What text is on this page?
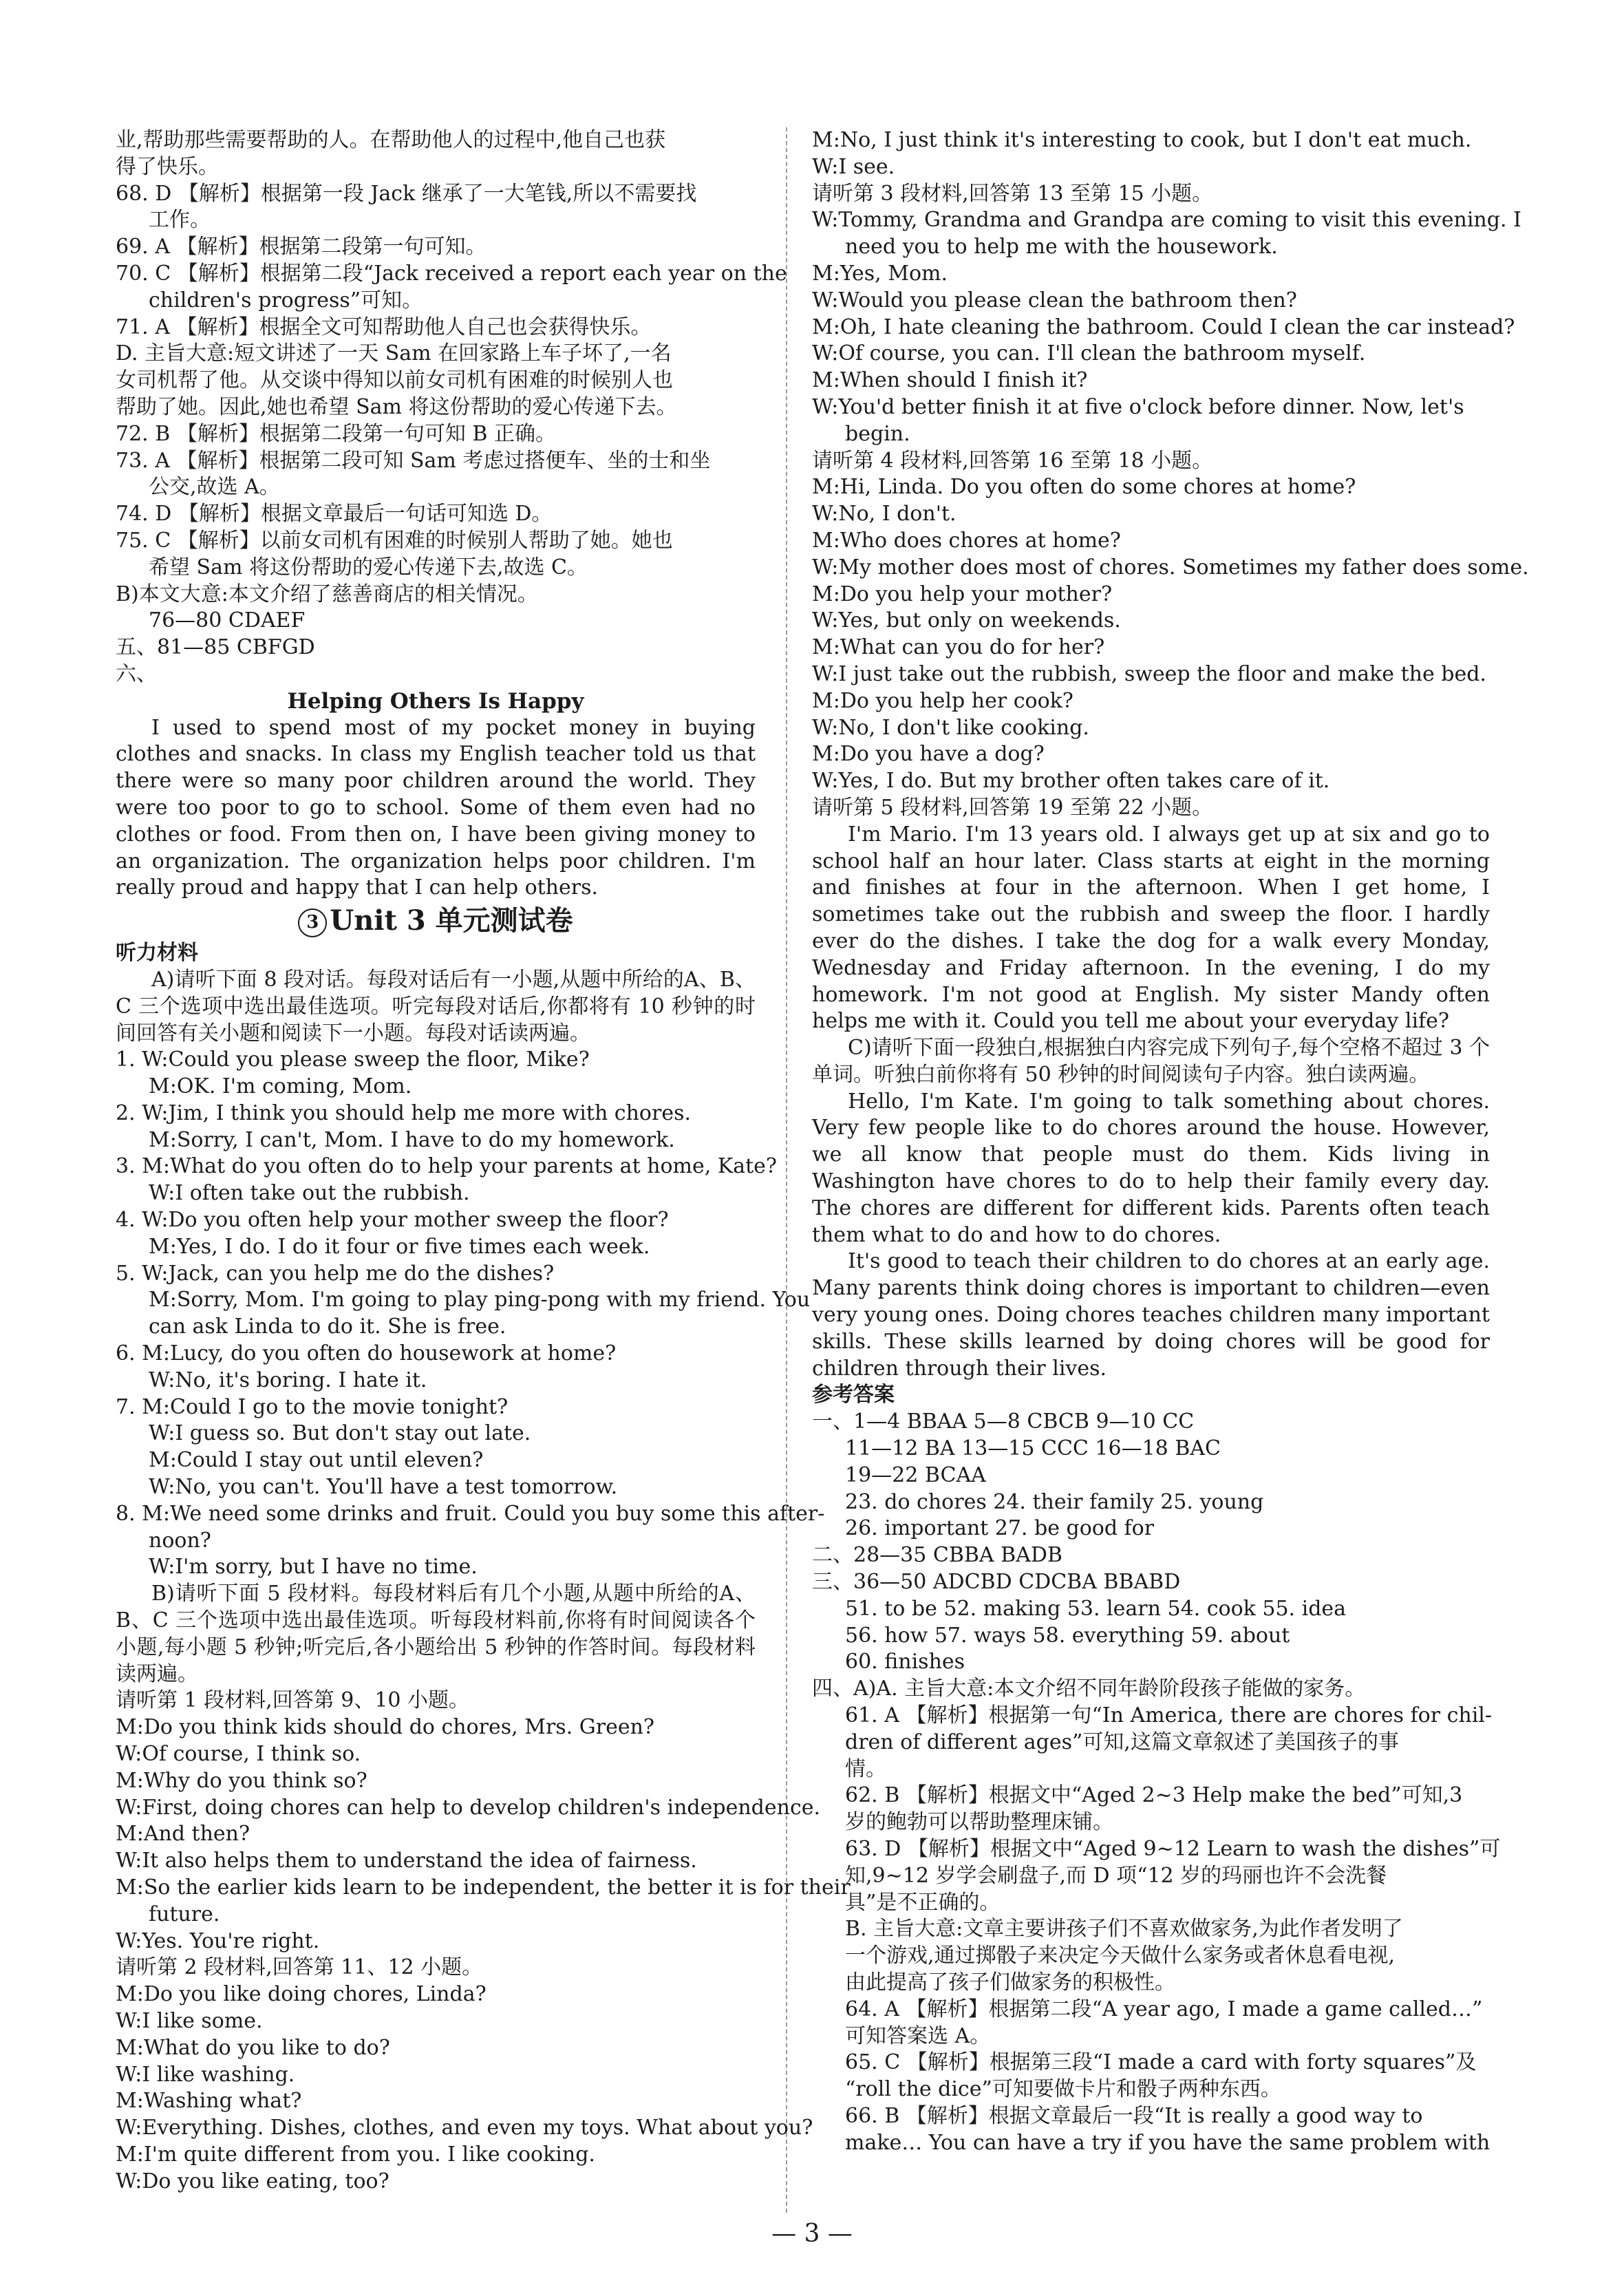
业,帮助那些需要帮助的人。在帮助他人的过程中,他自己也获
得了快乐。
68. D 【解析】根据第一段 Jack 继承了一大笔钱,所以不需要找
工作。
69. A 【解析】根据第二段第一句可知。
70. C 【解析】根据第二段“Jack received a report each year on the
children's progress”可知。
71. A 【解析】根据全文可知帮助他人自己也会获得快乐。
D. 主旨大意:短文讲述了一天 Sam 在回家路上车子坏了,一名
女司机帮了他。从交谈中得知以前女司机有困难的时候别人也
帮助了她。因此,她也希望 Sam 将这份帮助的爱心传递下去。
72. B 【解析】根据第二段第一句可知 B 正确。
73. A 【解析】根据第二段可知 Sam 考虑过搭便车、坐的士和坐
公交,故选 A。
74. D 【解析】根据文章最后一句话可知选 D。
75. C 【解析】以前女司机有困难的时候别人帮助了她。她也
希望 Sam 将这份帮助的爱心传递下去,故选 C。
B)本文大意:本文介绍了慈善商店的相关情况。
76—80 CDAEF
五、81—85 CBFGD
六、
Helping Others Is Happy
I used to spend most of my pocket money in buying clothes and snacks. In class my English teacher told us that there were so many poor children around the world. They were too poor to go to school. Some of them even had no clothes or food. From then on, I have been giving money to an organization. The organization helps poor children. I'm really proud and happy that I can help others.
3 Unit 3 单元测试卷
听力材料
A)请听下面 8 段对话。每段对话后有一小题,从题中所给的A、B、C 三个选项中选出最佳选项。听完每段对话后,你都将有 10 秒钟的时间回答有关小题和阅读下一小题。每段对话读两遍。
1. W:Could you please sweep the floor, Mike?
M:OK. I'm coming, Mom.
2. W:Jim, I think you should help me more with chores.
M:Sorry, I can't, Mom. I have to do my homework.
3. M:What do you often do to help your parents at home, Kate?
W:I often take out the rubbish.
4. W:Do you often help your mother sweep the floor?
M:Yes, I do. I do it four or five times each week.
5. W:Jack, can you help me do the dishes?
M:Sorry, Mom. I'm going to play ping-pong with my friend. You
can ask Linda to do it. She is free.
6. M:Lucy, do you often do housework at home?
W:No, it's boring. I hate it.
7. M:Could I go to the movie tonight?
W:I guess so. But don't stay out late.
M:Could I stay out until eleven?
W:No, you can't. You'll have a test tomorrow.
8. M:We need some drinks and fruit. Could you buy some this after-
noon?
W:I'm sorry, but I have no time.
B)请听下面 5 段材料。每段材料后有几个小题,从题中所给的A、B、C 三个选项中选出最佳选项。听每段材料前,你将有时间阅读各个小题,每小题 5 秒钟;听完后,各小题给出 5 秒钟的作答时间。每段材料读两遍。
请听第 1 段材料,回答第 9、10 小题。
M:Do you think kids should do chores, Mrs. Green?
W:Of course, I think so.
M:Why do you think so?
W:First, doing chores can help to develop children's independence.
M:And then?
W:It also helps them to understand the idea of fairness.
M:So the earlier kids learn to be independent, the better it is for their
future.
W:Yes. You're right.
请听第 2 段材料,回答第 11、12 小题。
M:Do you like doing chores, Linda?
W:I like some.
M:What do you like to do?
W:I like washing.
M:Washing what?
W:Everything. Dishes, clothes, and even my toys. What about you?
M:I'm quite different from you. I like cooking.
W:Do you like eating, too?
M:No, I just think it's interesting to cook, but I don't eat much.
W:I see.
请听第 3 段材料,回答第 13 至第 15 小题。
W:Tommy, Grandma and Grandpa are coming to visit this evening. I
need you to help me with the housework.
M:Yes, Mom.
W:Would you please clean the bathroom then?
M:Oh, I hate cleaning the bathroom. Could I clean the car instead?
W:Of course, you can. I'll clean the bathroom myself.
M:When should I finish it?
W:You'd better finish it at five o'clock before dinner. Now, let's
begin.
请听第 4 段材料,回答第 16 至第 18 小题。
M:Hi, Linda. Do you often do some chores at home?
W:No, I don't.
M:Who does chores at home?
W:My mother does most of chores. Sometimes my father does some.
M:Do you help your mother?
W:Yes, but only on weekends.
M:What can you do for her?
W:I just take out the rubbish, sweep the floor and make the bed.
M:Do you help her cook?
W:No, I don't like cooking.
M:Do you have a dog?
W:Yes, I do. But my brother often takes care of it.
请听第 5 段材料,回答第 19 至第 22 小题。
I'm Mario. I'm 13 years old. I always get up at six and go to school half an hour later. Class starts at eight in the morning and finishes at four in the afternoon. When I get home, I sometimes take out the rubbish and sweep the floor. I hardly ever do the dishes. I take the dog for a walk every Monday, Wednesday and Friday afternoon. In the evening, I do my homework. I'm not good at English. My sister Mandy often helps me with it. Could you tell me about your everyday life?
C)请听下面一段独白,根据独白内容完成下列句子,每个空格不超过 3 个单词。听独白前你将有 50 秒钟的时间阅读句子内容。独白读两遍。
Hello, I'm Kate. I'm going to talk something about chores. Very few people like to do chores around the house. However, we all know that people must do them. Kids living in Washington have chores to do to help their family every day. The chores are different for different kids. Parents often teach them what to do and how to do chores.
It's good to teach their children to do chores at an early age. Many parents think doing chores is important to children—even very young ones. Doing chores teaches children many important skills. These skills learned by doing chores will be good for children through their lives.
参考答案
一、1—4 BBAA 5—8 CBCB 9—10 CC
11—12 BA 13—15 CCC 16—18 BAC
19—22 BCAA
23. do chores 24. their family 25. young
26. important 27. be good for
二、28—35 CBBA BADB
三、36—50 ADCBD CDCBA BBABD
51. to be 52. making 53. learn 54. cook 55. idea
56. how 57. ways 58. everything 59. about
60. finishes
四、A)A. 主旨大意:本文介绍不同年龄阶段孩子能做的家务。
61. A 【解析】根据第一句“In America, there are chores for chil-
dren of different ages”可知,这篇文章叙述了美国孩子的事
情。
62. B 【解析】根据文中“Aged 2~3 Help make the bed”可知,3
岁的鲍勃可以帮助整理床铺。
63. D 【解析】根据文中“Aged 9~12 Learn to wash the dishes”可
知,9~12 岁学会刷盘子,而 D 项“12 岁的玛丽也许不会洗餐
具”是不正确的。
B. 主旨大意:文章主要讲孩子们不喜欢做家务,为此作者发明了
一个游戏,通过掷骰子来决定今天做什么家务或者休息看电视,
由此提高了孩子们做家务的积极性。
64. A 【解析】根据第二段“A year ago, I made a game called…”
可知答案选 A。
65. C 【解析】根据第三段“I made a card with forty squares”及
“roll the dice”可知要做卡片和骰子两种东西。
66. B 【解析】根据文章最后一段“It is really a good way to
make… You can have a try if you have the same problem with
— 3 —
